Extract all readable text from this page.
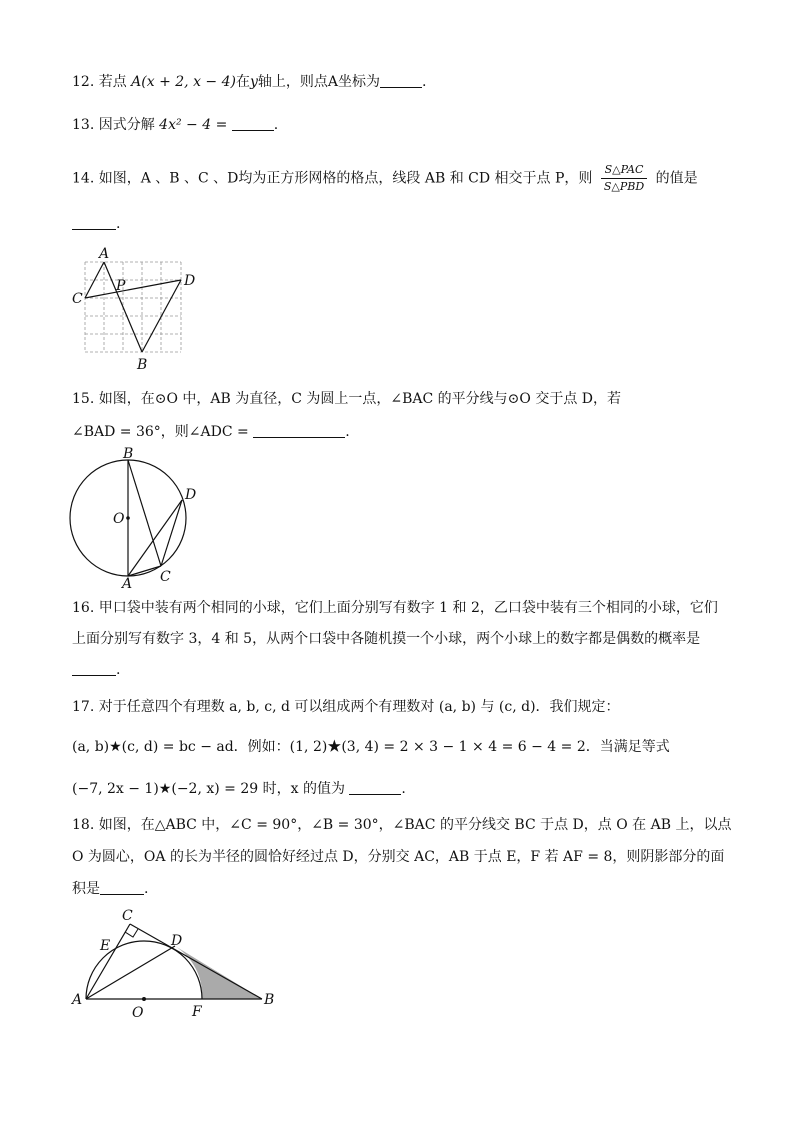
12. 若点 A(x + 2, x − 4)在y轴上，则点A坐标为	.
13. 因式分解 4x² − 4 =	.
14. 如图，A 、B 、C 、D均为正方形网格的格点，线段 AB 和 CD 相交于点 P，则 $\frac{\text{S△PAC}}{\text{S△PBD}}$ 的值是
.
A
C
P	D
B
15. 如图，在⊙O 中，AB 为直径，C 为圆上一点，∠BAC 的平分线与⊙O 交于点 D，若
∠BAD = 36°，则∠ADC =	.
B
O
D
C
A
16. 甲口袋中装有两个相同的小球，它们上面分别写有数字 1 和 2，乙口袋中装有三个相同的小球，它们
上面分别写有数字 3，4 和 5，从两个口袋中各随机摸一个小球，两个小球上的数字都是偶数的概率是
.
17. 对于任意四个有理数 a, b, c, d 可以组成两个有理数对 (a, b) 与 (c, d)．我们规定：
(a, b)★(c, d) = bc − ad．例如：(1, 2)★(3, 4) = 2 × 3 − 1 × 4 = 6 − 4 = 2．当满足等式
(−7, 2x − 1)★(−2, x) = 29 时，x 的值为	.
18. 如图，在△ABC 中，∠C = 90°，∠B = 30°，∠BAC 的平分线交 BC 于点 D，点 O 在 AB 上，以点
O 为圆心，OA 的长为半径的圆恰好经过点 D，分别交 AC，AB 于点 E，F 若 AF = 8，则阴影部分的面
积是	.
C
E	D
A
O	F
B
